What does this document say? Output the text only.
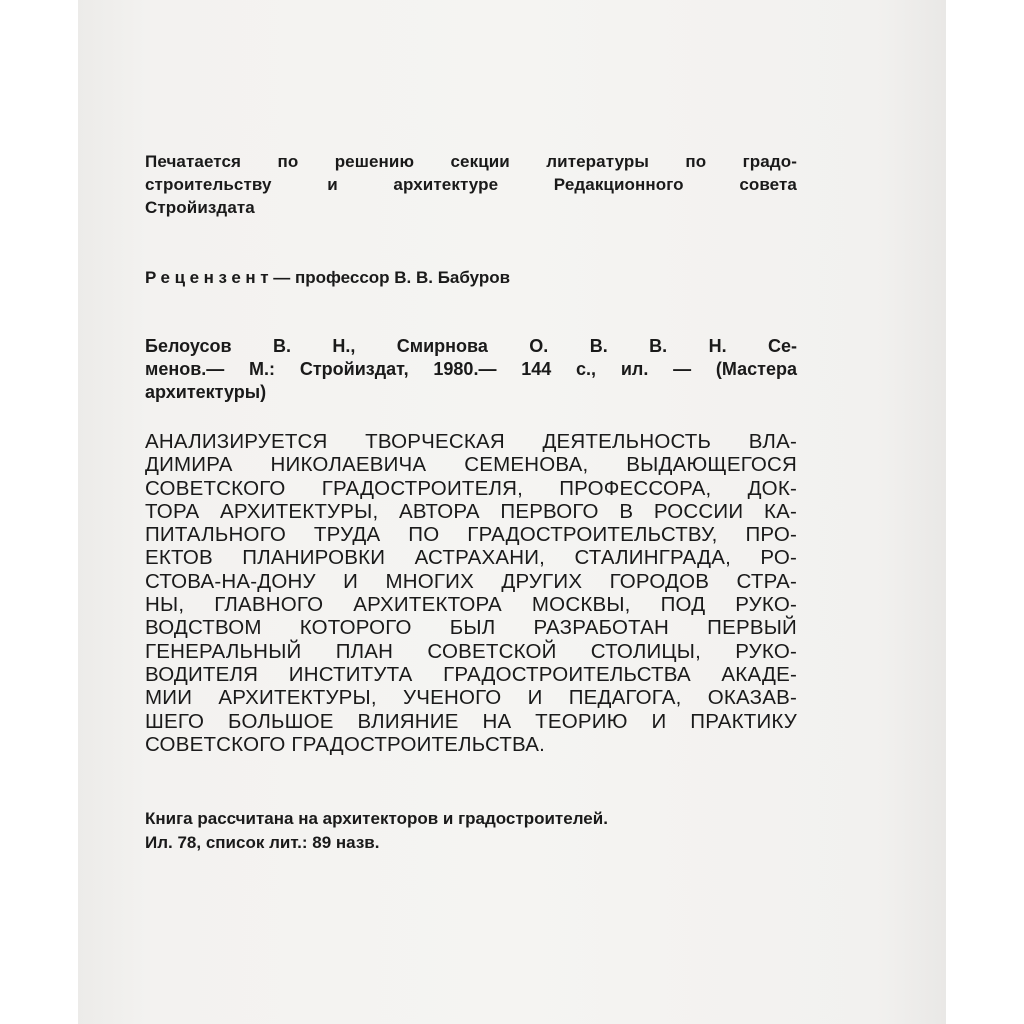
Печатается по решению секции литературы по градо-
строительству и архитектуре Редакционного совета
Стройиздата
Рецензент— профессор В. В. Бабуров
Белоусов В. Н., Смирнова О. В. В. Н. Се-
менов.— М.: Стройиздат, 1980.— 144 с., ил. — (Мастера
архитектуры)
АНАЛИЗИРУЕТСЯ ТВОРЧЕСКАЯ ДЕЯТЕЛЬНОСТЬ ВЛА-
ДИМИРА НИКОЛАЕВИЧА СЕМЕНОВА, ВЫДАЮЩЕГОСЯ
СОВЕТСКОГО ГРАДОСТРОИТЕЛЯ, ПРОФЕССОРА, ДОК-
ТОРА АРХИТЕКТУРЫ, АВТОРА ПЕРВОГО В РОССИИ КА-
ПИТАЛЬНОГО ТРУДА ПО ГРАДОСТРОИТЕЛЬСТВУ, ПРО-
ЕКТОВ ПЛАНИРОВКИ АСТРАХАНИ, СТАЛИНГРАДА, РО-
СТОВА-НА-ДОНУ И МНОГИХ ДРУГИХ ГОРОДОВ СТРА-
НЫ, ГЛАВНОГО АРХИТЕКТОРА МОСКВЫ, ПОД РУКО-
ВОДСТВОМ КОТОРОГО БЫЛ РАЗРАБОТАН ПЕРВЫЙ
ГЕНЕРАЛЬНЫЙ ПЛАН СОВЕТСКОЙ СТОЛИЦЫ, РУКО-
ВОДИТЕЛЯ ИНСТИТУТА ГРАДОСТРОИТЕЛЬСТВА АКАДЕ-
МИИ АРХИТЕКТУРЫ, УЧЕНОГО И ПЕДАГОГА, ОКАЗАВ-
ШЕГО БОЛЬШОЕ ВЛИЯНИЕ НА ТЕОРИЮ И ПРАКТИКУ
СОВЕТСКОГО ГРАДОСТРОИТЕЛЬСТВА.
Книга рассчитана на архитекторов и градостроителей.
Ил. 78, список лит.: 89 назв.
